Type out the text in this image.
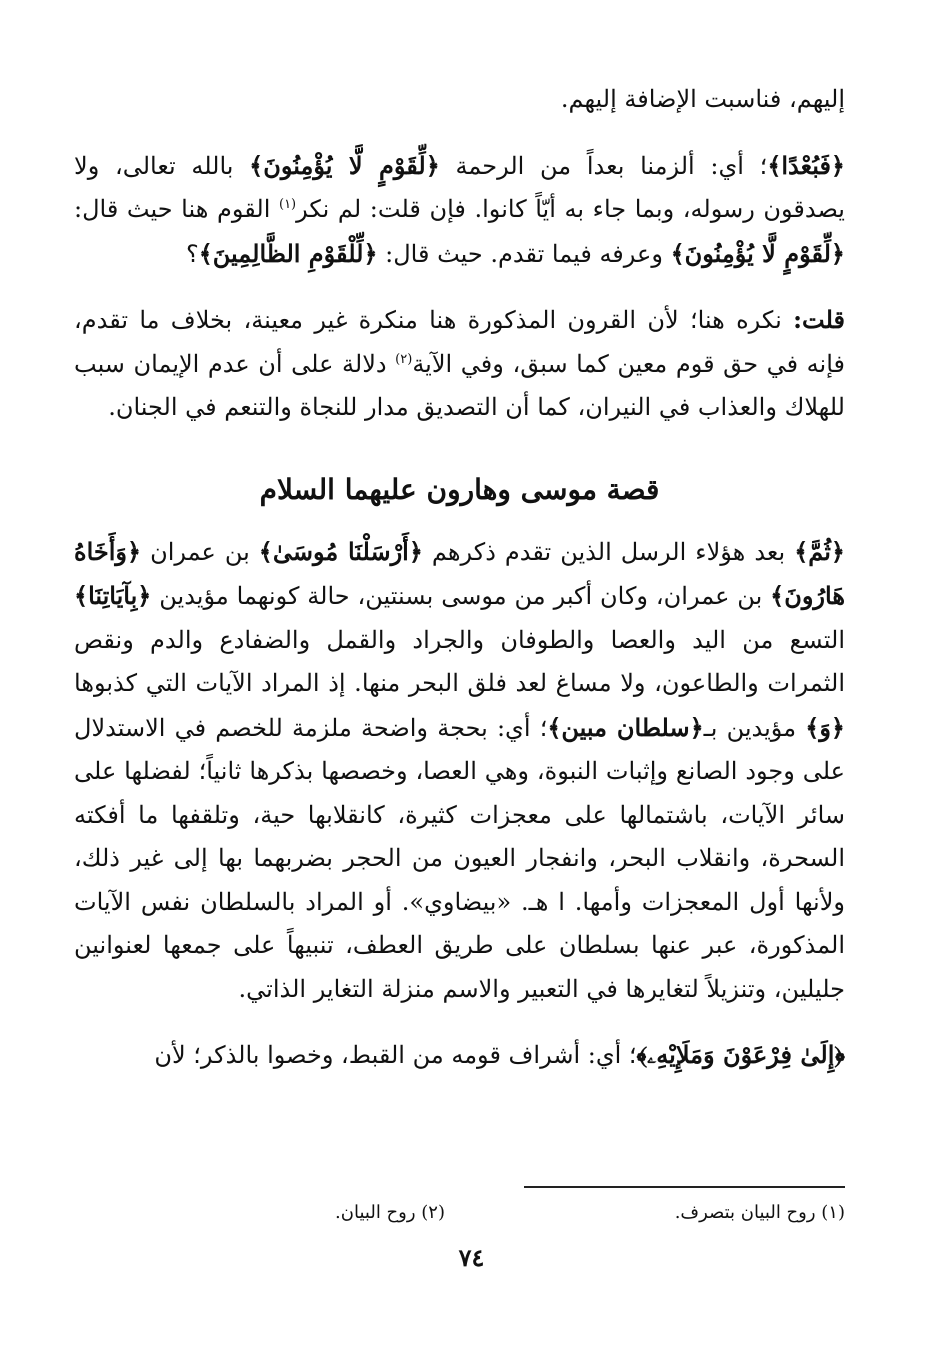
إليهم، فناسبت الإضافة إليهم.

﴿فَبُعْدًا﴾؛ أي: ألزمنا بعداً من الرحمة ﴿لِّقَوْمٍ لَّا يُؤْمِنُونَ﴾ بالله تعالى، ولا يصدقون رسوله، وبما جاء به أيّاً كانوا. فإن قلت: لم نكر$^{(١)}$ القوم هنا حيث قال: ﴿لِّقَوْمٍ لَّا يُؤْمِنُونَ﴾ وعرفه فيما تقدم. حيث قال: ﴿لِّلْقَوْمِ الظَّالِمِينَ﴾؟

قلت: نكره هنا؛ لأن القرون المذكورة هنا منكرة غير معينة، بخلاف ما تقدم، فإنه في حق قوم معين كما سبق، وفي الآية$^{(٢)}$ دلالة على أن عدم الإيمان سبب للهلاك والعذاب في النيران، كما أن التصديق مدار للنجاة والتنعم في الجنان.

قصة موسى وهارون عليهما السلام

﴿ثُمَّ﴾ بعد هؤلاء الرسل الذين تقدم ذكرهم ﴿أَرْسَلْنَا مُوسَىٰ﴾ بن عمران ﴿وَأَخَاهُ هَارُونَ﴾ بن عمران، وكان أكبر من موسى بسنتين، حالة كونهما مؤيدين ﴿بِآيَاتِنَا﴾ التسع من اليد والعصا والطوفان والجراد والقمل والضفادع والدم ونقص الثمرات والطاعون، ولا مساغ لعد فلق البحر منها. إذ المراد الآيات التي كذبوها ﴿وَ﴾ مؤيدين بـ﴿سلطان مبين﴾؛ أي: بحجة واضحة ملزمة للخصم في الاستدلال على وجود الصانع وإثبات النبوة، وهي العصا، وخصصها بذكرها ثانياً؛ لفضلها على سائر الآيات، باشتمالها على معجزات كثيرة، كانقلابها حية، وتلقفها ما أفكته السحرة، وانقلاب البحر، وانفجار العيون من الحجر بضربهما بها إلى غير ذلك، ولأنها أول المعجزات وأمها. ا هـ. «بيضاوي». أو المراد بالسلطان نفس الآيات المذكورة، عبر عنها بسلطان على طريق العطف، تنبيهاً على جمعها لعنوانين جليلين، وتنزيلاً لتغايرها في التعبير والاسم منزلة التغاير الذاتي.

﴿إِلَىٰ فِرْعَوْنَ وَمَلَإِيْهِۦ﴾؛ أي: أشراف قومه من القبط، وخصوا بالذكر؛ لأن

(١) روح البيان بتصرف.(٢) روح البيان.
٧٤
